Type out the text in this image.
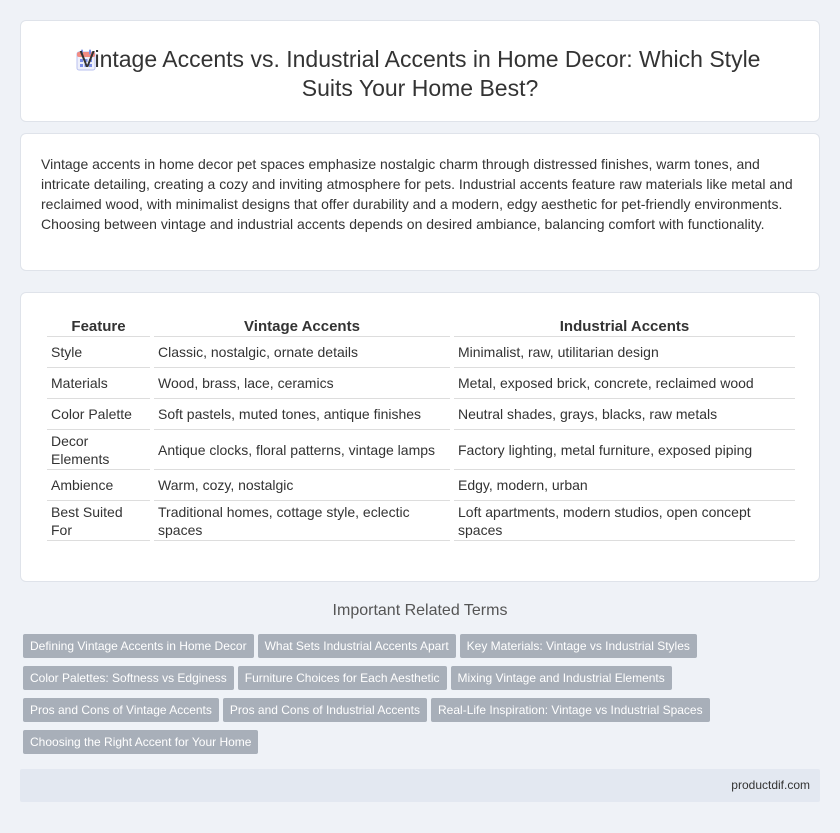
Vintage Accents vs. Industrial Accents in Home Decor: Which Style Suits Your Home Best?

Vintage accents in home decor pet spaces emphasize nostalgic charm through distressed finishes, warm tones, and intricate detailing, creating a cozy and inviting atmosphere for pets. Industrial accents feature raw materials like metal and reclaimed wood, with minimalist designs that offer durability and a modern, edgy aesthetic for pet-friendly environments. Choosing between vintage and industrial accents depends on desired ambiance, balancing comfort with functionality.

Feature	Vintage Accents	Industrial Accents
Style	Classic, nostalgic, ornate details	Minimalist, raw, utilitarian design
Materials	Wood, brass, lace, ceramics	Metal, exposed brick, concrete, reclaimed wood
Color Palette	Soft pastels, muted tones, antique finishes	Neutral shades, grays, blacks, raw metals
Decor Elements	Antique clocks, floral patterns, vintage lamps	Factory lighting, metal furniture, exposed piping
Ambience	Warm, cozy, nostalgic	Edgy, modern, urban
Best Suited For	Traditional homes, cottage style, eclectic spaces	Loft apartments, modern studios, open concept spaces
Important Related Terms
Defining Vintage Accents in Home Decor What Sets Industrial Accents Apart Key Materials: Vintage vs Industrial Styles
Color Palettes: Softness vs Edginess Furniture Choices for Each Aesthetic Mixing Vintage and Industrial Elements
Pros and Cons of Vintage Accents Pros and Cons of Industrial Accents Real-Life Inspiration: Vintage vs Industrial Spaces
Choosing the Right Accent for Your Home
productdif.com
